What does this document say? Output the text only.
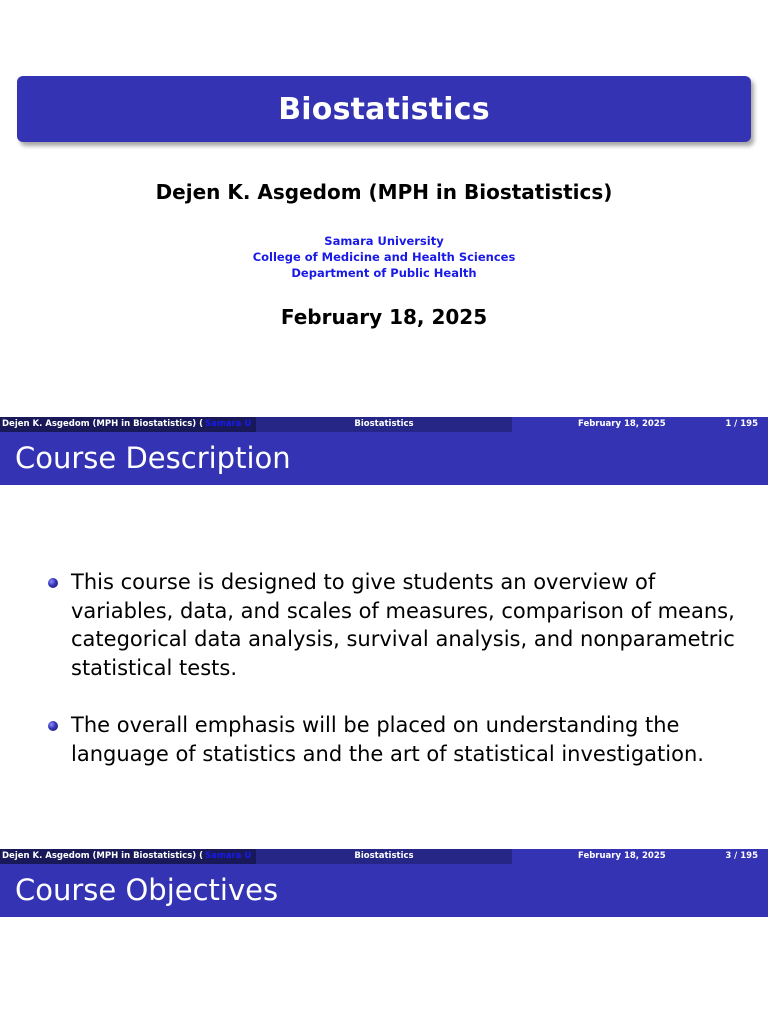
Biostatistics
Dejen K. Asgedom (MPH in Biostatistics)
Samara University
College of Medicine and Health Sciences
Department of Public Health
February 18, 2025
Dejen K. Asgedom (MPH in Biostatistics) ( Samara U	Biostatistics	February 18, 2025	1 / 195
Course Description
This course is designed to give students an overview of variables, data, and scales of measures, comparison of means, categorical data analysis, survival analysis, and nonparametric statistical tests.
The overall emphasis will be placed on understanding the language of statistics and the art of statistical investigation.
Dejen K. Asgedom (MPH in Biostatistics) ( Samara U	Biostatistics	February 18, 2025	3 / 195
Course Objectives
